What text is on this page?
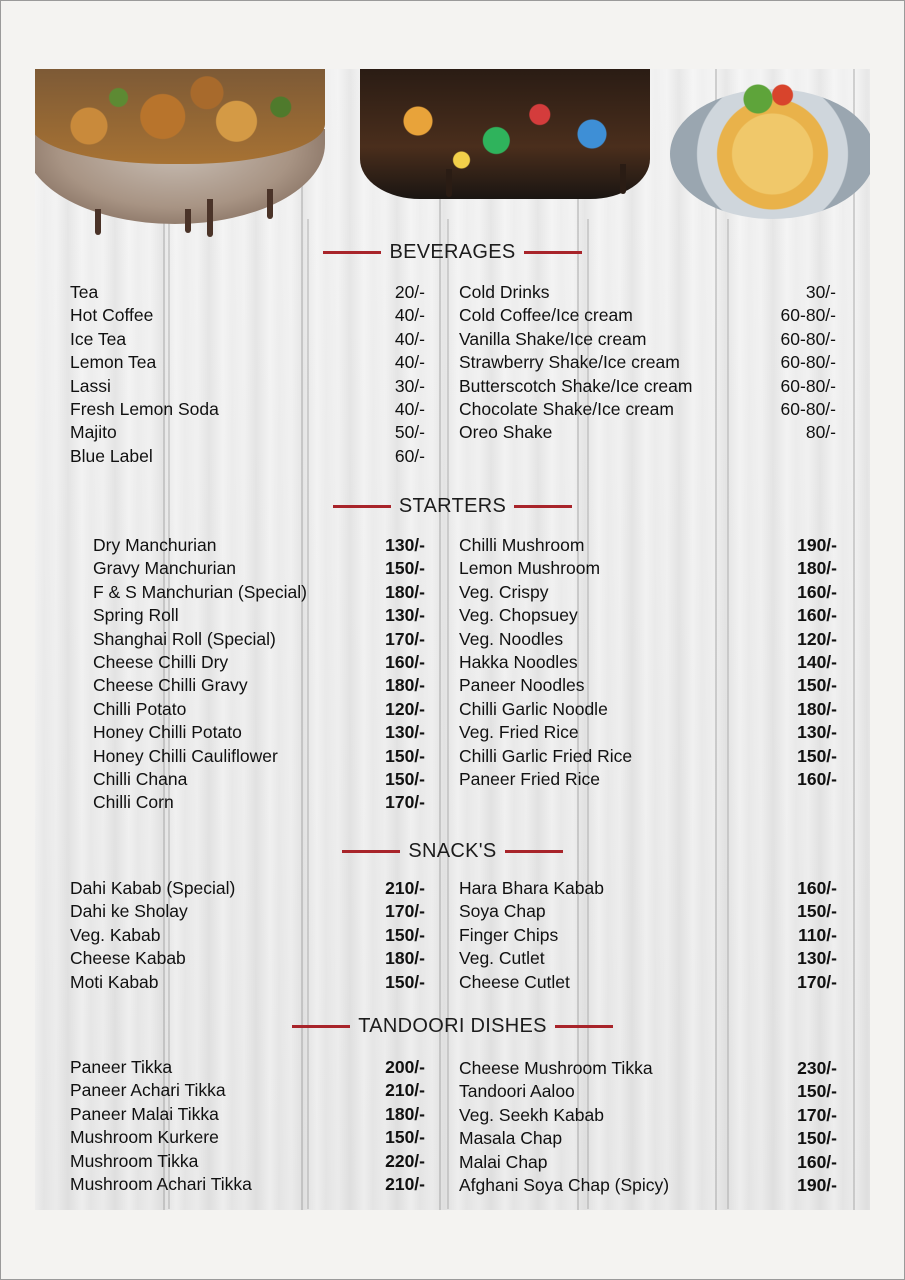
BEVERAGES
Tea	20/-
Hot Coffee	40/-
Ice Tea	40/-
Lemon Tea	40/-
Lassi	30/-
Fresh Lemon Soda	40/-
Majito	50/-
Blue Label	60/-
Cold Drinks	30/-
Cold Coffee/Ice cream	60-80/-
Vanilla Shake/Ice cream	60-80/-
Strawberry Shake/Ice cream	60-80/-
Butterscotch Shake/Ice cream	60-80/-
Chocolate Shake/Ice cream	60-80/-
Oreo Shake	80/-
STARTERS
Dry Manchurian	130/-
Gravy Manchurian	150/-
F & S Manchurian (Special)	180/-
Spring Roll	130/-
Shanghai Roll (Special)	170/-
Cheese Chilli Dry	160/-
Cheese Chilli Gravy	180/-
Chilli Potato	120/-
Honey Chilli Potato	130/-
Honey Chilli Cauliflower	150/-
Chilli Chana	150/-
Chilli Corn	170/-
Chilli Mushroom	190/-
Lemon Mushroom	180/-
Veg. Crispy	160/-
Veg. Chopsuey	160/-
Veg. Noodles	120/-
Hakka Noodles	140/-
Paneer Noodles	150/-
Chilli Garlic Noodle	180/-
Veg. Fried Rice	130/-
Chilli Garlic Fried Rice	150/-
Paneer Fried Rice	160/-
SNACK'S
Dahi Kabab (Special)	210/-
Dahi ke Sholay	170/-
Veg. Kabab	150/-
Cheese Kabab	180/-
Moti Kabab	150/-
Hara Bhara Kabab	160/-
Soya Chap	150/-
Finger Chips	110/-
Veg. Cutlet	130/-
Cheese Cutlet	170/-
TANDOORI DISHES
Paneer Tikka	200/-
Paneer Achari Tikka	210/-
Paneer Malai Tikka	180/-
Mushroom Kurkere	150/-
Mushroom Tikka	220/-
Mushroom Achari Tikka	210/-
Cheese Mushroom Tikka	230/-
Tandoori Aaloo	150/-
Veg. Seekh Kabab	170/-
Masala Chap	150/-
Malai Chap	160/-
Afghani Soya Chap (Spicy)	190/-
